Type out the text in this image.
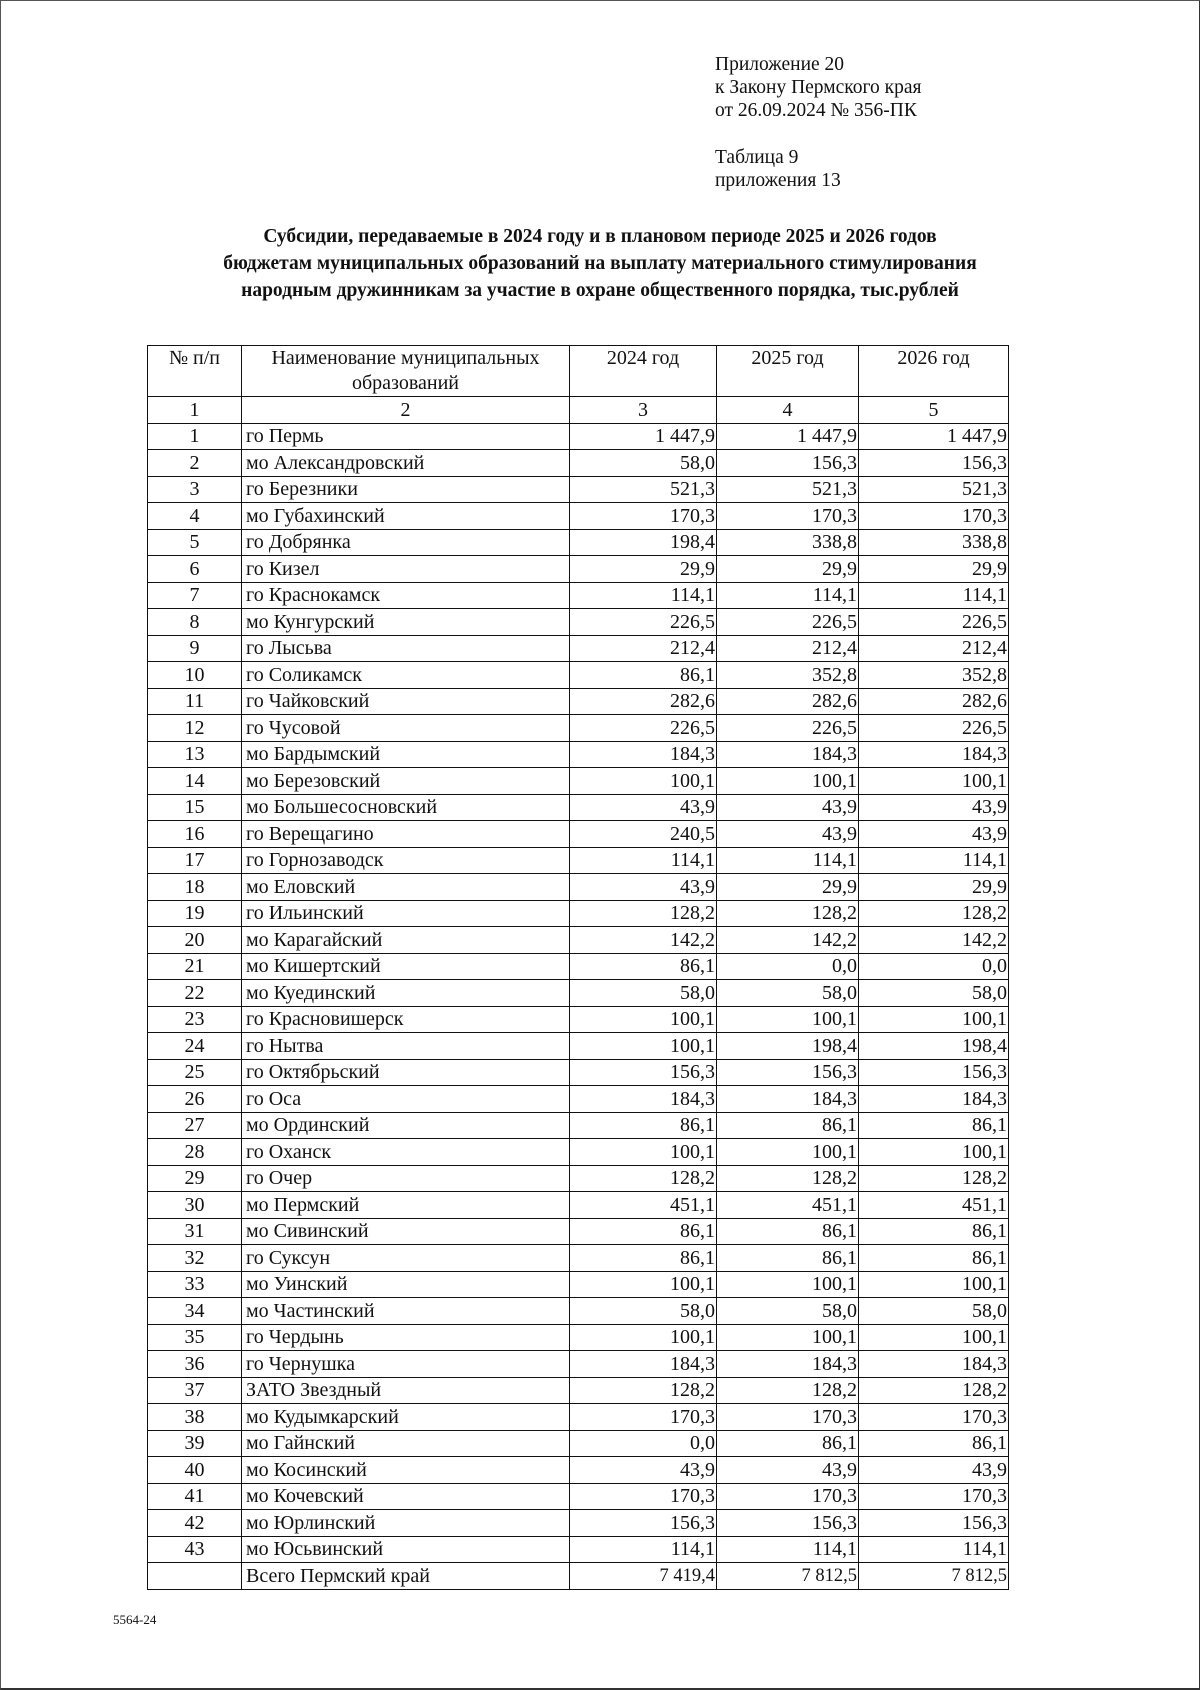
Приложение 20
к Закону Пермского края
от 26.09.2024 № 356-ПК
Таблица 9
приложения 13
Субсидии, передаваемые в 2024 году и в плановом периоде 2025 и 2026 годов
бюджетам муниципальных образований на выплату материального стимулирования
народным дружинникам за участие в охране общественного порядка, тыс.рублей
№ п/п	Наименование муниципальных образований	2024 год	2025 год	2026 год
1	2	3	4	5
1	го Пермь	1 447,9	1 447,9	1 447,9
2	мо Александровский	58,0	156,3	156,3
3	го Березники	521,3	521,3	521,3
4	мо Губахинский	170,3	170,3	170,3
5	го Добрянка	198,4	338,8	338,8
6	го Кизел	29,9	29,9	29,9
7	го Краснокамск	114,1	114,1	114,1
8	мо Кунгурский	226,5	226,5	226,5
9	го Лысьва	212,4	212,4	212,4
10	го Соликамск	86,1	352,8	352,8
11	го Чайковский	282,6	282,6	282,6
12	го Чусовой	226,5	226,5	226,5
13	мо Бардымский	184,3	184,3	184,3
14	мо Березовский	100,1	100,1	100,1
15	мо Большесосновский	43,9	43,9	43,9
16	го Верещагино	240,5	43,9	43,9
17	го Горнозаводск	114,1	114,1	114,1
18	мо Еловский	43,9	29,9	29,9
19	го Ильинский	128,2	128,2	128,2
20	мо Карагайский	142,2	142,2	142,2
21	мо Кишертский	86,1	0,0	0,0
22	мо Куединский	58,0	58,0	58,0
23	го Красновишерск	100,1	100,1	100,1
24	го Нытва	100,1	198,4	198,4
25	го Октябрьский	156,3	156,3	156,3
26	го Оса	184,3	184,3	184,3
27	мо Ординский	86,1	86,1	86,1
28	го Оханск	100,1	100,1	100,1
29	го Очер	128,2	128,2	128,2
30	мо Пермский	451,1	451,1	451,1
31	мо Сивинский	86,1	86,1	86,1
32	го Суксун	86,1	86,1	86,1
33	мо Уинский	100,1	100,1	100,1
34	мо Частинский	58,0	58,0	58,0
35	го Чердынь	100,1	100,1	100,1
36	го Чернушка	184,3	184,3	184,3
37	ЗАТО Звездный	128,2	128,2	128,2
38	мо Кудымкарский	170,3	170,3	170,3
39	мо Гайнский	0,0	86,1	86,1
40	мо Косинский	43,9	43,9	43,9
41	мо Кочевский	170,3	170,3	170,3
42	мо Юрлинский	156,3	156,3	156,3
43	мо Юсьвинский	114,1	114,1	114,1
	Всего Пермский край	7 419,4	7 812,5	7 812,5
5564-24
